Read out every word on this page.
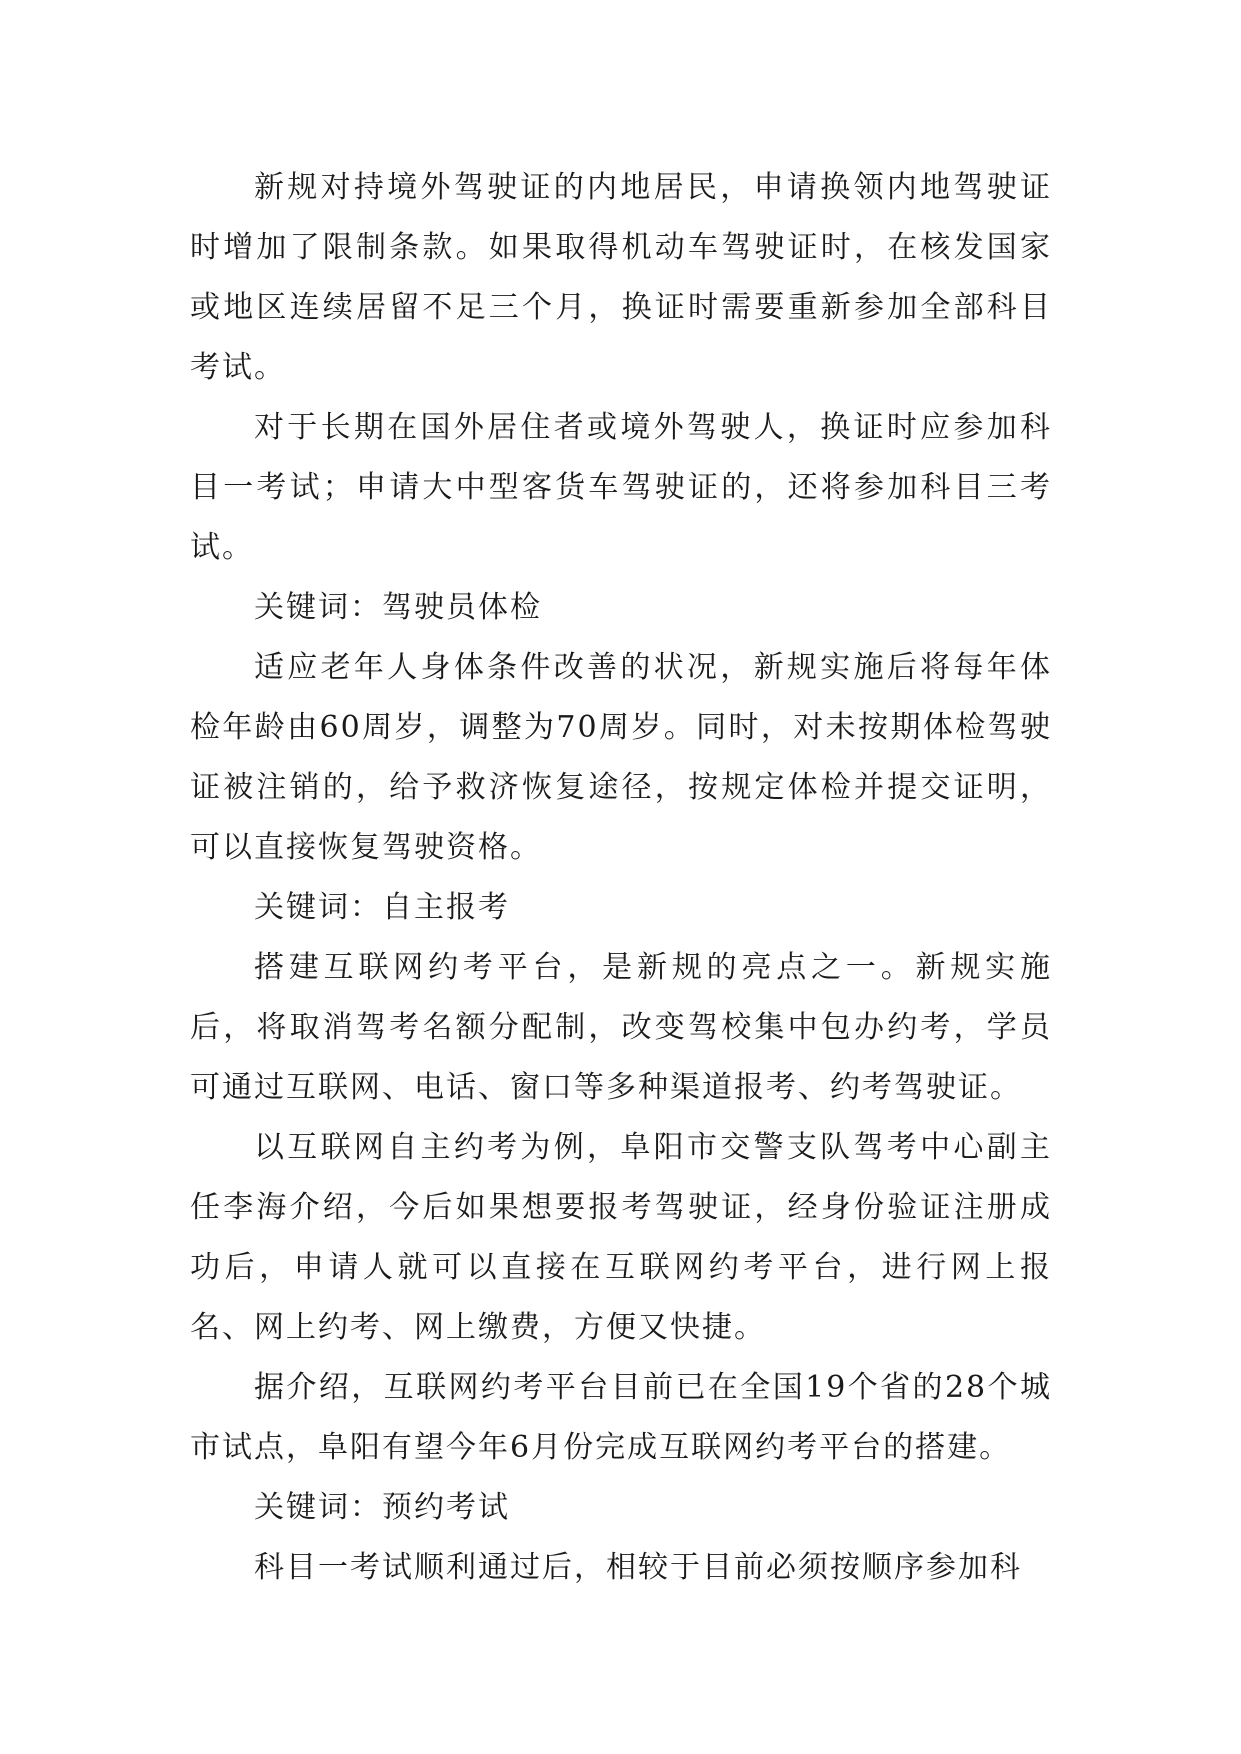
新规对持境外驾驶证的内地居民，申请换领内地驾驶证时增加了限制条款。如果取得机动车驾驶证时，在核发国家或地区连续居留不足三个月，换证时需要重新参加全部科目考试。

对于长期在国外居住者或境外驾驶人，换证时应参加科目一考试；申请大中型客货车驾驶证的，还将参加科目三考试。

关键词：驾驶员体检

适应老年人身体条件改善的状况，新规实施后将每年体检年龄由60周岁，调整为70周岁。同时，对未按期体检驾驶证被注销的，给予救济恢复途径，按规定体检并提交证明，可以直接恢复驾驶资格。

关键词：自主报考

搭建互联网约考平台，是新规的亮点之一。新规实施后，将取消驾考名额分配制，改变驾校集中包办约考，学员可通过互联网、电话、窗口等多种渠道报考、约考驾驶证。

以互联网自主约考为例，阜阳市交警支队驾考中心副主任李海介绍，今后如果想要报考驾驶证，经身份验证注册成功后，申请人就可以直接在互联网约考平台，进行网上报名、网上约考、网上缴费，方便又快捷。

据介绍，互联网约考平台目前已在全国19个省的28个城市试点，阜阳有望今年6月份完成互联网约考平台的搭建。

关键词：预约考试

科目一考试顺利通过后，相较于目前必须按顺序参加科
